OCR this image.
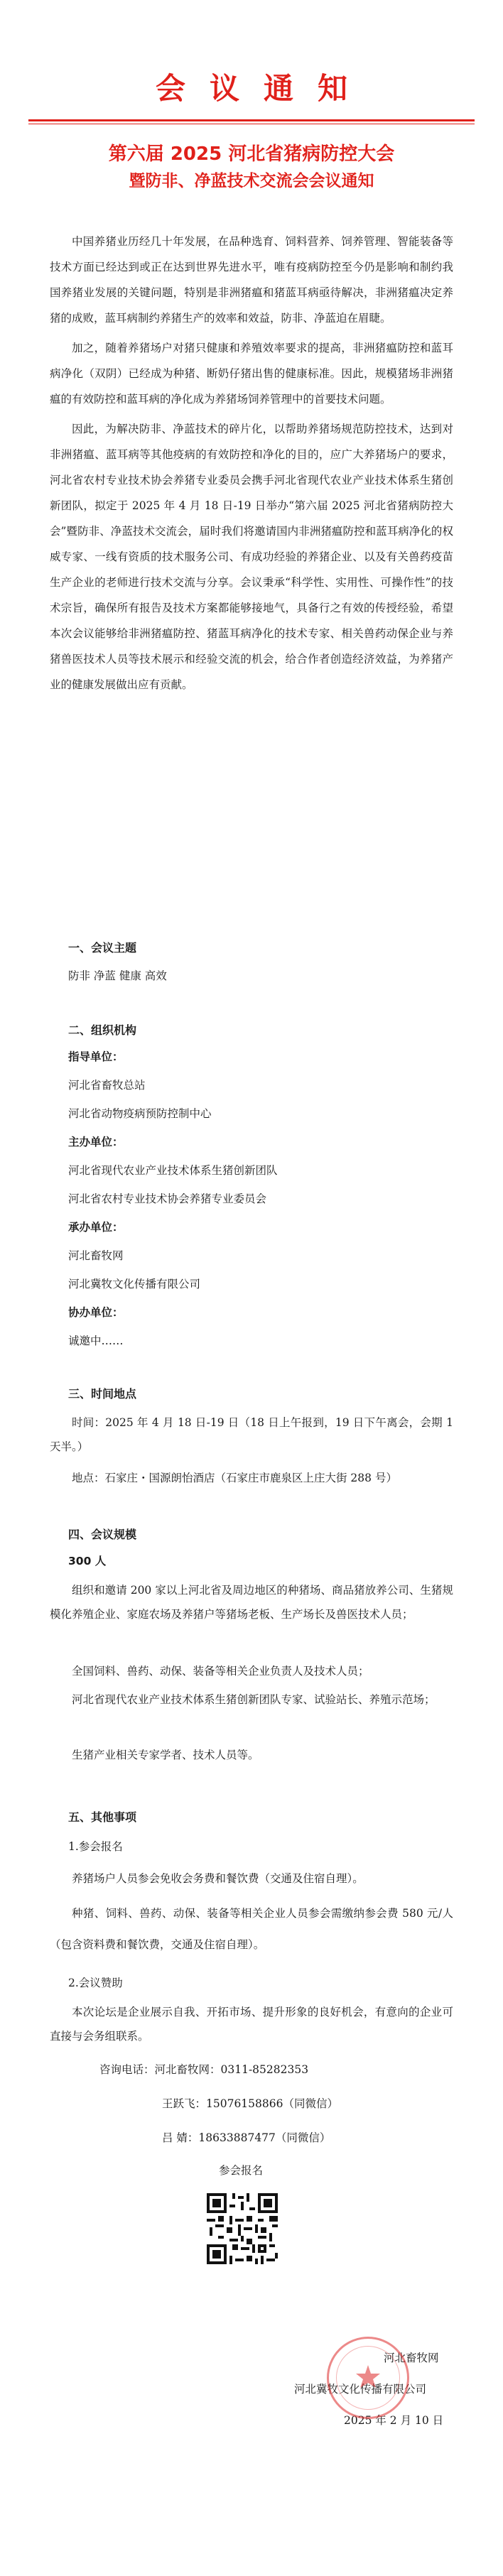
会议通知
第六届 2025 河北省猪病防控大会
暨防非、净蓝技术交流会会议通知

中国养猪业历经几十年发展，在品种选育、饲料营养、饲养管理、智能装备等技术方面已经达到或正在达到世界先进水平，唯有疫病防控至今仍是影响和制约我国养猪业发展的关键问题，特别是非洲猪瘟和猪蓝耳病亟待解决，非洲猪瘟决定养猪的成败，蓝耳病制约养猪生产的效率和效益，防非、净蓝迫在眉睫。

加之，随着养猪场户对猪只健康和养殖效率要求的提高，非洲猪瘟防控和蓝耳病净化（双阴）已经成为种猪、断奶仔猪出售的健康标准。因此，规模猪场非洲猪瘟的有效防控和蓝耳病的净化成为养猪场饲养管理中的首要技术问题。

因此，为解决防非、净蓝技术的碎片化，以帮助养猪场规范防控技术，达到对非洲猪瘟、蓝耳病等其他疫病的有效防控和净化的目的，应广大养猪场户的要求，河北省农村专业技术协会养猪专业委员会携手河北省现代农业产业技术体系生猪创新团队，拟定于 2025 年 4 月 18 日-19 日举办“第六届 2025 河北省猪病防控大会”暨防非、净蓝技术交流会，届时我们将邀请国内非洲猪瘟防控和蓝耳病净化的权威专家、一线有资质的技术服务公司、有成功经验的养猪企业、以及有关兽药疫苗生产企业的老师进行技术交流与分享。会议秉承“科学性、实用性、可操作性”的技术宗旨，确保所有报告及技术方案都能够接地气，具备行之有效的传授经验，希望本次会议能够给非洲猪瘟防控、猪蓝耳病净化的技术专家、相关兽药动保企业与养猪兽医技术人员等技术展示和经验交流的机会，给合作者创造经济效益，为养猪产业的健康发展做出应有贡献。

一、会议主题
防非 净蓝 健康 高效
二、组织机构
指导单位：
河北省畜牧总站
河北省动物疫病预防控制中心
主办单位：
河北省现代农业产业技术体系生猪创新团队
河北省农村专业技术协会养猪专业委员会
承办单位：
河北畜牧网
河北冀牧文化传播有限公司
协办单位：
诚邀中……
三、时间地点
时间：2025 年 4 月 18 日-19 日（18 日上午报到，19 日下午离会，会期 1 天半。）
地点：石家庄・国源朗怡酒店（石家庄市鹿泉区上庄大街 288 号）
四、会议规模
300 人
组织和邀请 200 家以上河北省及周边地区的种猪场、商品猪放养公司、生猪规模化养殖企业、家庭农场及养猪户等猪场老板、生产场长及兽医技术人员；
全国饲料、兽药、动保、装备等相关企业负责人及技术人员；
河北省现代农业产业技术体系生猪创新团队专家、试验站长、养殖示范场；
生猪产业相关专家学者、技术人员等。
五、其他事项
1.参会报名
养猪场户人员参会免收会务费和餐饮费（交通及住宿自理）。
种猪、饲料、兽药、动保、装备等相关企业人员参会需缴纳参会费 580 元/人（包含资料费和餐饮费，交通及住宿自理）。
2.会议赞助
本次论坛是企业展示自我、开拓市场、提升形象的良好机会，有意向的企业可直接与会务组联系。
咨询电话：河北畜牧网：0311-85282353
王跃飞：15076158866（同微信）
吕 婧：18633887477（同微信）
参会报名
河北畜牧网
河北冀牧文化传播有限公司
2025 年 2 月 10 日
